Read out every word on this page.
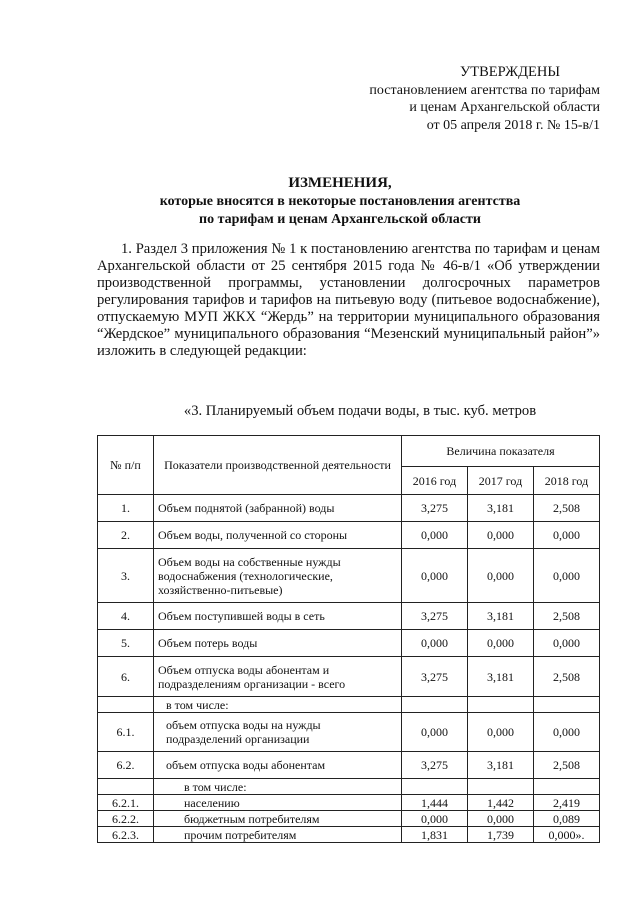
УТВЕРЖДЕНЫ
постановлением агентства по тарифам
и ценам Архангельской области
от 05 апреля 2018 г. № 15-в/1
ИЗМЕНЕНИЯ,
которые вносятся в некоторые постановления агентства
по тарифам и ценам Архангельской области

1. Раздел 3 приложения № 1 к постановлению агентства по тарифам и ценам Архангельской области от 25 сентября 2015 года № 46-в/1 «Об утверждении производственной программы, установлении долгосрочных параметров регулирования тарифов и тарифов на питьевую воду (питьевое водоснабжение), отпускаемую МУП ЖКХ “Жердь” на территории муниципального образования “Жердское” муниципального образования “Мезенский муниципальный район”» изложить в следующей редакции:

«3. Планируемый объем подачи воды, в тыс. куб. метров
№ п/п	Показатели производственной деятельности	Величина показателя		
		2016 год	2017 год	2018 год
1.	Объем поднятой (забранной) воды	3,275	3,181	2,508
2.	Объем воды, полученной со стороны	0,000	0,000	0,000
3.	Объем воды на собственные нужды водоснабжения (технологические, хозяйственно-питьевые)	0,000	0,000	0,000
4.	Объем поступившей воды в сеть	3,275	3,181	2,508
5.	Объем потерь воды	0,000	0,000	0,000
6.	Объем отпуска воды абонентам и подразделениям организации - всего	3,275	3,181	2,508
	в том числе:			
6.1.	объем отпуска воды на нужды подразделений организации	0,000	0,000	0,000
6.2.	объем отпуска воды абонентам	3,275	3,181	2,508
	в том числе:			
6.2.1.	населению	1,444	1,442	2,419
6.2.2.	бюджетным потребителям	0,000	0,000	0,089
6.2.3.	прочим потребителям	1,831	1,739	0,000».
